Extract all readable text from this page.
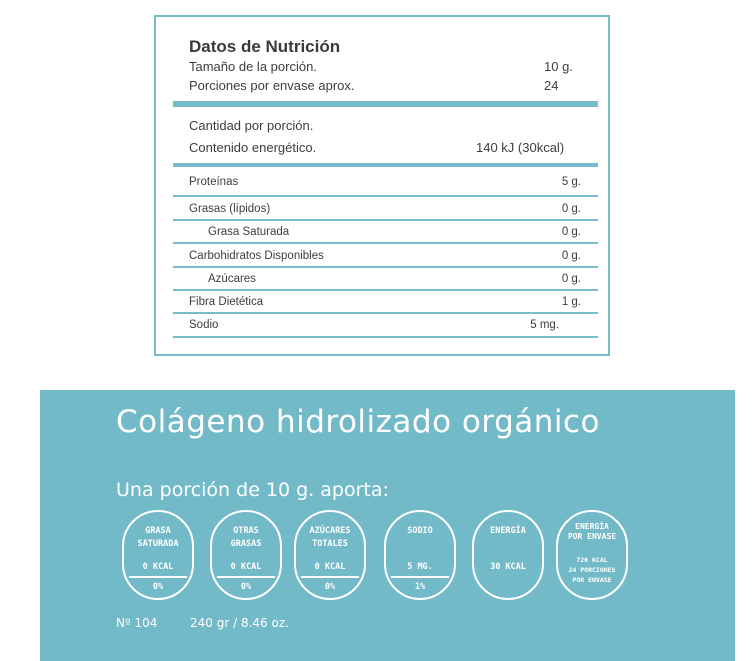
Datos de Nutrición
Tamaño de la porción.	10 g.
Porciones por envase aprox.	24
Cantidad por porción.
Contenido energético.	140 kJ (30kcal)
Proteínas	5 g.
Grasas (lípidos)	0 g.
Grasa Saturada	0 g.
Carbohidratos Disponibles	0 g.
Azúcares	0 g.
Fibra Dietética	1 g.
Sodio	5 mg.
Colágeno hidrolizado orgánico
Una porción de 10 g. aporta:
GRASA
SATURADA
0 KCAL
0%
OTRAS
GRASAS
0 KCAL
0%
AZÚCARES
TOTALES
0 KCAL
0%
SODIO
5 MG.
1%
ENERGÍA
30 KCAL
ENERGÍA
POR ENVASE
720 KCAL
24 PORCIONES
POR ENVASE
Nº 104	240 gr / 8.46 oz.
